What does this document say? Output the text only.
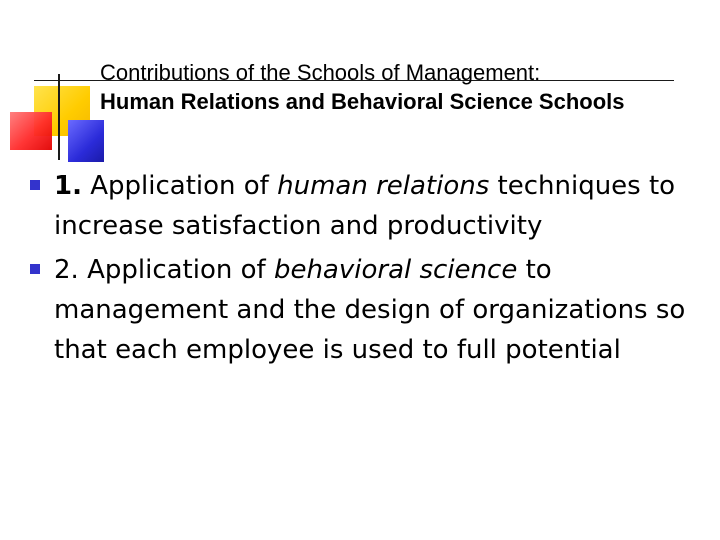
Contributions of the Schools of Management:
Human Relations and Behavioral Science Schools
1. Application of human relations techniques to increase satisfaction and productivity
2. Application of behavioral science to management and the design of organizations so that each employee is used to full potential
